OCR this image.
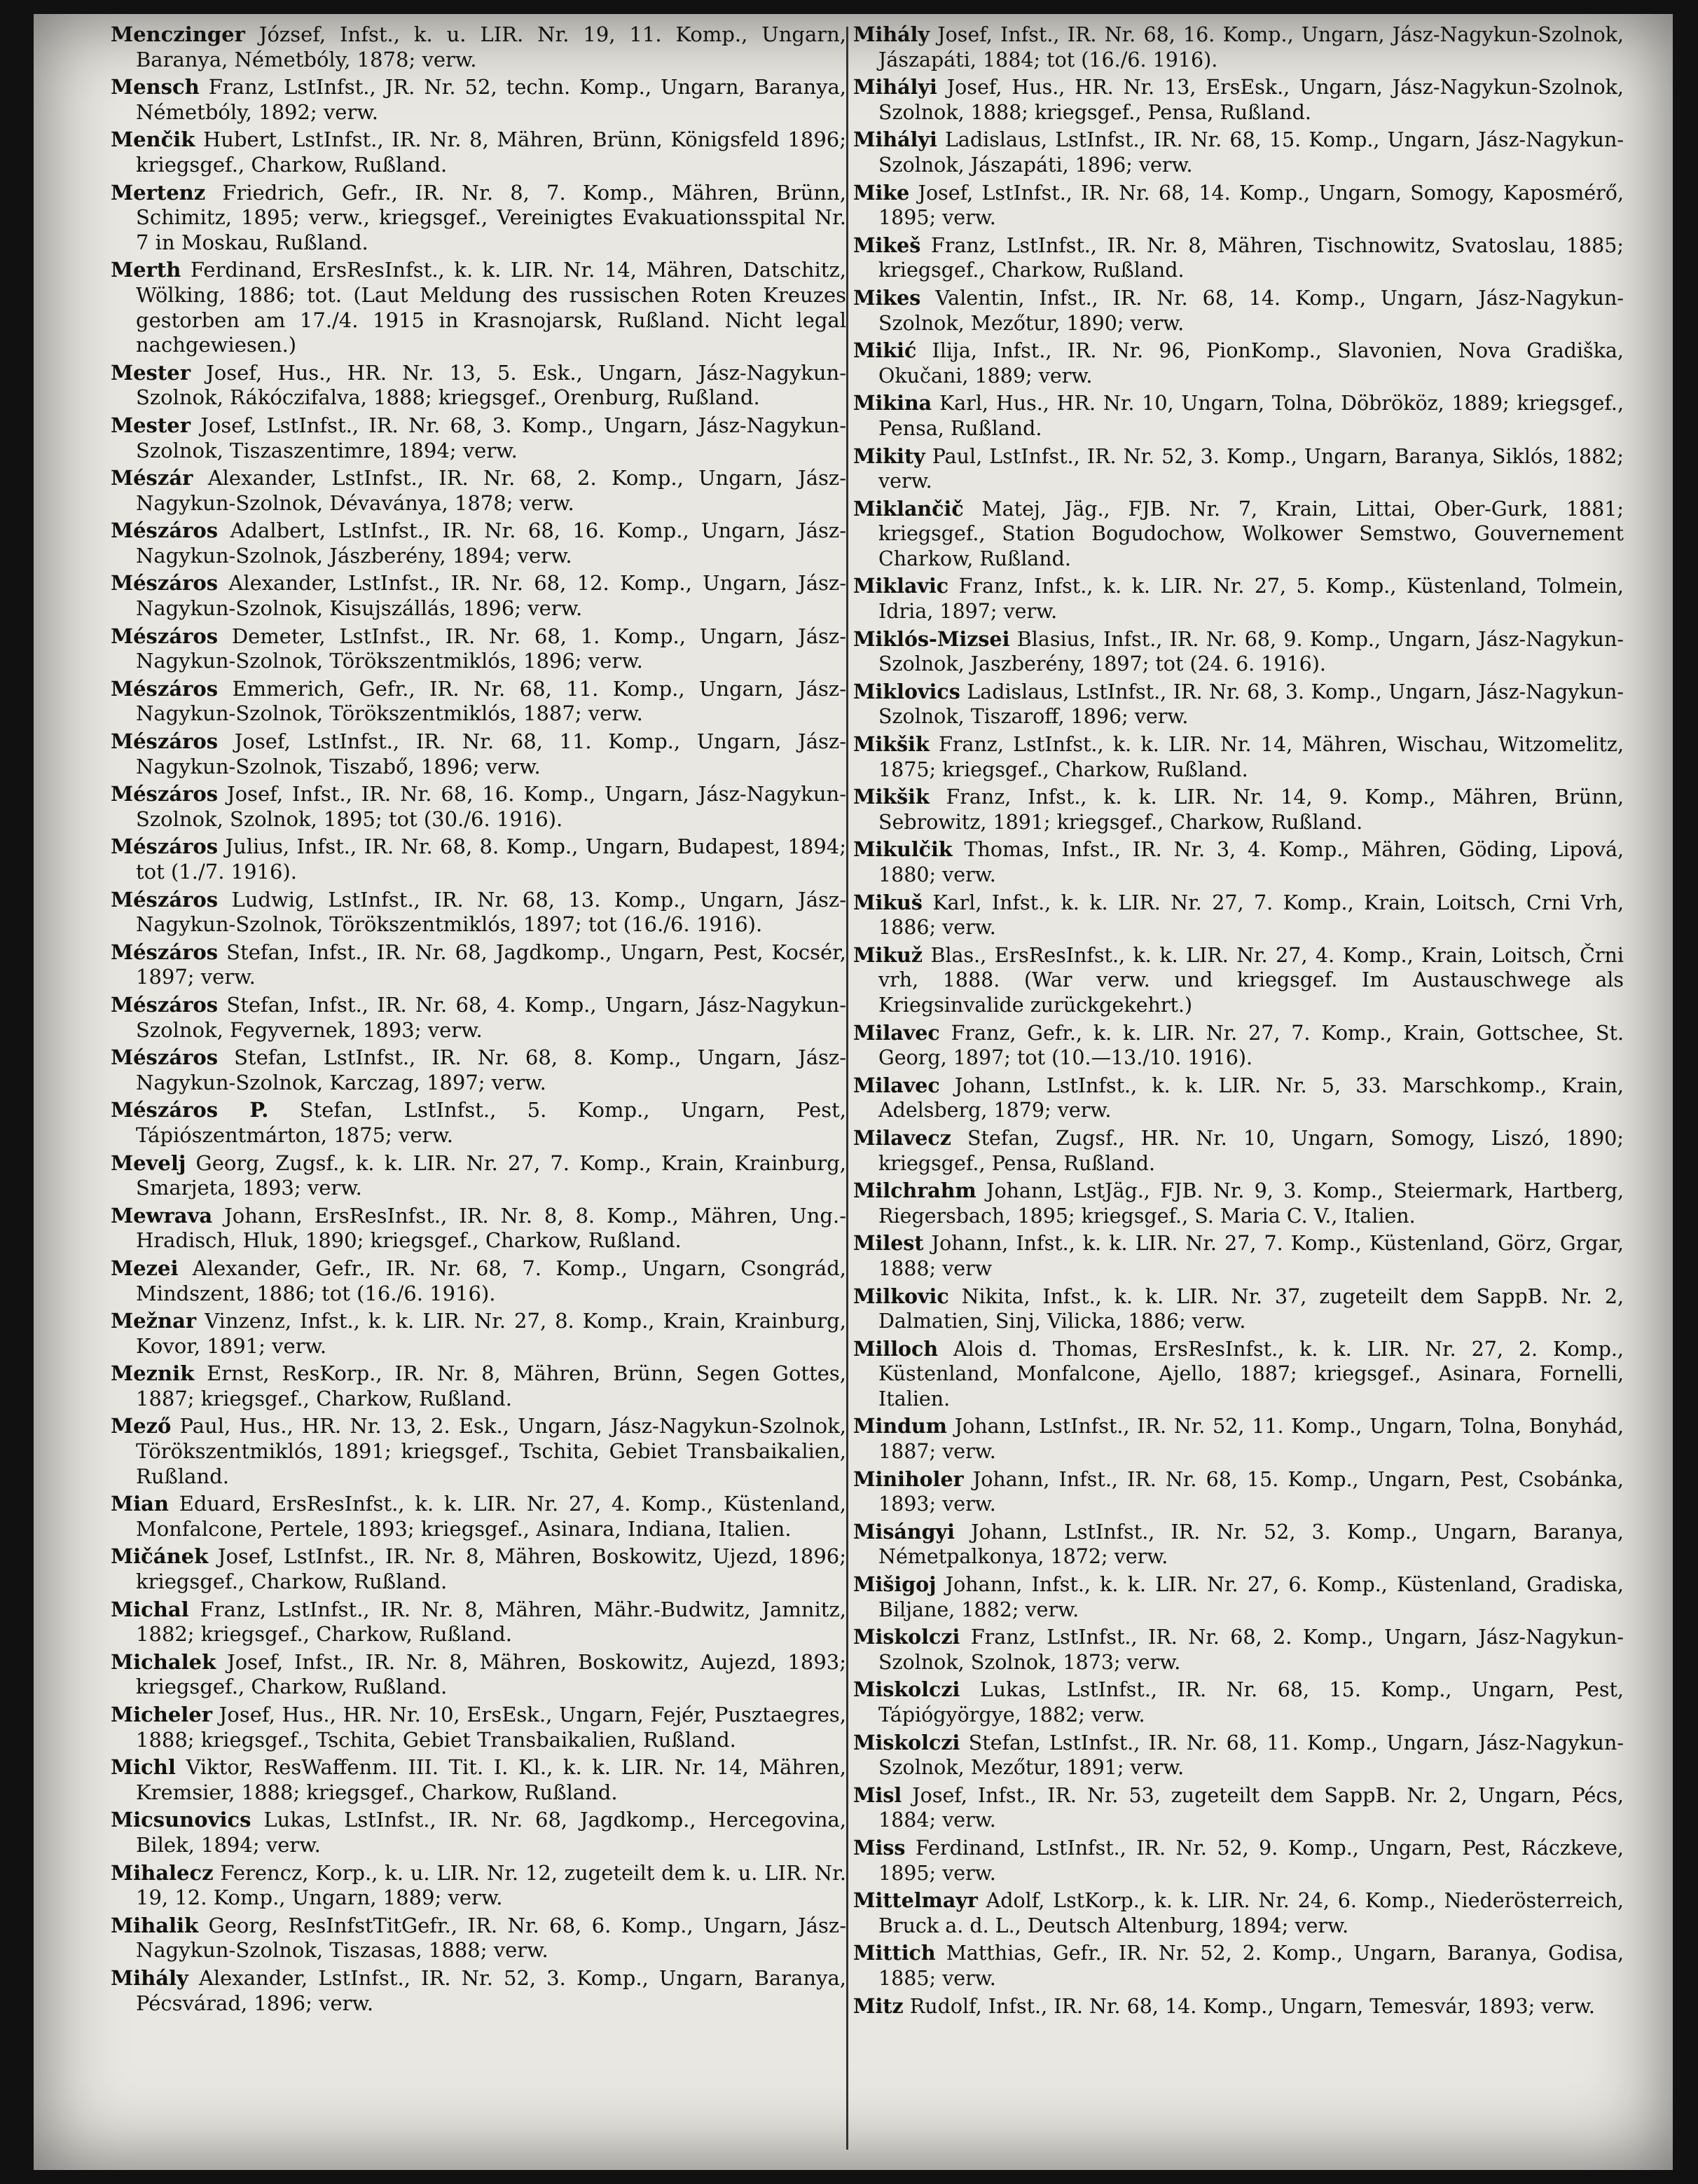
Menczinger József, Infst., k. u. LIR. Nr. 19, 11. Komp., Ungarn, Baranya, Németbóly, 1878; verw.

Mensch Franz, LstInfst., JR. Nr. 52, techn. Komp., Ungarn, Baranya, Németbóly, 1892; verw.

Menčik Hubert, LstInfst., IR. Nr. 8, Mähren, Brünn, Königsfeld 1896; kriegsgef., Charkow, Rußland.

Mertenz Friedrich, Gefr., IR. Nr. 8, 7. Komp., Mähren, Brünn, Schimitz, 1895; verw., kriegsgef., Vereinigtes Evakuationsspital Nr. 7 in Moskau, Rußland.

Merth Ferdinand, ErsResInfst., k. k. LIR. Nr. 14, Mähren, Datschitz, Wölking, 1886; tot. (Laut Meldung des russischen Roten Kreuzes gestorben am 17./4. 1915 in Krasnojarsk, Rußland. Nicht legal nachgewiesen.)

Mester Josef, Hus., HR. Nr. 13, 5. Esk., Ungarn, Jász-Nagykun-Szolnok, Rákóczifalva, 1888; kriegsgef., Orenburg, Rußland.

Mester Josef, LstInfst., IR. Nr. 68, 3. Komp., Ungarn, Jász-Nagykun-Szolnok, Tiszaszentimre, 1894; verw.

Mészár Alexander, LstInfst., IR. Nr. 68, 2. Komp., Ungarn, Jász-Nagykun-Szolnok, Dévaványa, 1878; verw.

Mészáros Adalbert, LstInfst., IR. Nr. 68, 16. Komp., Ungarn, Jász-Nagykun-Szolnok, Jászberény, 1894; verw.

Mészáros Alexander, LstInfst., IR. Nr. 68, 12. Komp., Ungarn, Jász-Nagykun-Szolnok, Kisujszállás, 1896; verw.

Mészáros Demeter, LstInfst., IR. Nr. 68, 1. Komp., Ungarn, Jász-Nagykun-Szolnok, Törökszentmiklós, 1896; verw.

Mészáros Emmerich, Gefr., IR. Nr. 68, 11. Komp., Ungarn, Jász-Nagykun-Szolnok, Törökszentmiklós, 1887; verw.

Mészáros Josef, LstInfst., IR. Nr. 68, 11. Komp., Ungarn, Jász-Nagykun-Szolnok, Tiszabő, 1896; verw.

Mészáros Josef, Infst., IR. Nr. 68, 16. Komp., Ungarn, Jász-Nagykun-Szolnok, Szolnok, 1895; tot (30./6. 1916).

Mészáros Julius, Infst., IR. Nr. 68, 8. Komp., Ungarn, Budapest, 1894; tot (1./7. 1916).

Mészáros Ludwig, LstInfst., IR. Nr. 68, 13. Komp., Ungarn, Jász-Nagykun-Szolnok, Törökszentmiklós, 1897; tot (16./6. 1916).

Mészáros Stefan, Infst., IR. Nr. 68, Jagdkomp., Ungarn, Pest, Kocsér, 1897; verw.

Mészáros Stefan, Infst., IR. Nr. 68, 4. Komp., Ungarn, Jász-Nagykun-Szolnok, Fegyvernek, 1893; verw.

Mészáros Stefan, LstInfst., IR. Nr. 68, 8. Komp., Ungarn, Jász-Nagykun-Szolnok, Karczag, 1897; verw.

Mészáros P. Stefan, LstInfst., 5. Komp., Ungarn, Pest, Tápiószentmárton, 1875; verw.

Mevelj Georg, Zugsf., k. k. LIR. Nr. 27, 7. Komp., Krain, Krainburg, Smarjeta, 1893; verw.

Mewrava Johann, ErsResInfst., IR. Nr. 8, 8. Komp., Mähren, Ung.-Hradisch, Hluk, 1890; kriegsgef., Charkow, Rußland.

Mezei Alexander, Gefr., IR. Nr. 68, 7. Komp., Ungarn, Csongrád, Mindszent, 1886; tot (16./6. 1916).

Mežnar Vinzenz, Infst., k. k. LIR. Nr. 27, 8. Komp., Krain, Krainburg, Kovor, 1891; verw.

Meznik Ernst, ResKorp., IR. Nr. 8, Mähren, Brünn, Segen Gottes, 1887; kriegsgef., Charkow, Rußland.

Mező Paul, Hus., HR. Nr. 13, 2. Esk., Ungarn, Jász-Nagykun-Szolnok, Törökszentmiklós, 1891; kriegsgef., Tschita, Gebiet Transbaikalien, Rußland.

Mian Eduard, ErsResInfst., k. k. LIR. Nr. 27, 4. Komp., Küstenland, Monfalcone, Pertele, 1893; kriegsgef., Asinara, Indiana, Italien.

Mičánek Josef, LstInfst., IR. Nr. 8, Mähren, Boskowitz, Ujezd, 1896; kriegsgef., Charkow, Rußland.

Michal Franz, LstInfst., IR. Nr. 8, Mähren, Mähr.-Budwitz, Jamnitz, 1882; kriegsgef., Charkow, Rußland.

Michalek Josef, Infst., IR. Nr. 8, Mähren, Boskowitz, Aujezd, 1893; kriegsgef., Charkow, Rußland.

Micheler Josef, Hus., HR. Nr. 10, ErsEsk., Ungarn, Fejér, Pusztaegres, 1888; kriegsgef., Tschita, Gebiet Transbaikalien, Rußland.

Michl Viktor, ResWaffenm. III. Tit. I. Kl., k. k. LIR. Nr. 14, Mähren, Kremsier, 1888; kriegsgef., Charkow, Rußland.

Micsunovics Lukas, LstInfst., IR. Nr. 68, Jagdkomp., Hercegovina, Bilek, 1894; verw.

Mihalecz Ferencz, Korp., k. u. LIR. Nr. 12, zugeteilt dem k. u. LIR. Nr. 19, 12. Komp., Ungarn, 1889; verw.

Mihalik Georg, ResInfstTitGefr., IR. Nr. 68, 6. Komp., Ungarn, Jász-Nagykun-Szolnok, Tiszasas, 1888; verw.

Mihály Alexander, LstInfst., IR. Nr. 52, 3. Komp., Ungarn, Baranya, Pécsvárad, 1896; verw.

Mihály Josef, Infst., IR. Nr. 68, 16. Komp., Ungarn, Jász-Nagykun-Szolnok, Jászapáti, 1884; tot (16./6. 1916).

Mihályi Josef, Hus., HR. Nr. 13, ErsEsk., Ungarn, Jász-Nagykun-Szolnok, Szolnok, 1888; kriegsgef., Pensa, Rußland.

Mihályi Ladislaus, LstInfst., IR. Nr. 68, 15. Komp., Ungarn, Jász-Nagykun-Szolnok, Jászapáti, 1896; verw.

Mike Josef, LstInfst., IR. Nr. 68, 14. Komp., Ungarn, Somogy, Kaposmérő, 1895; verw.

Mikeš Franz, LstInfst., IR. Nr. 8, Mähren, Tischnowitz, Svatoslau, 1885; kriegsgef., Charkow, Rußland.

Mikes Valentin, Infst., IR. Nr. 68, 14. Komp., Ungarn, Jász-Nagykun-Szolnok, Mezőtur, 1890; verw.

Mikić Ilija, Infst., IR. Nr. 96, PionKomp., Slavonien, Nova Gradiška, Okučani, 1889; verw.

Mikina Karl, Hus., HR. Nr. 10, Ungarn, Tolna, Döbrököz, 1889; kriegsgef., Pensa, Rußland.

Mikity Paul, LstInfst., IR. Nr. 52, 3. Komp., Ungarn, Baranya, Siklós, 1882; verw.

Miklančič Matej, Jäg., FJB. Nr. 7, Krain, Littai, Ober-Gurk, 1881; kriegsgef., Station Bogudochow, Wolkower Semstwo, Gouvernement Charkow, Rußland.

Miklavic Franz, Infst., k. k. LIR. Nr. 27, 5. Komp., Küstenland, Tolmein, Idria, 1897; verw.

Miklós-Mizsei Blasius, Infst., IR. Nr. 68, 9. Komp., Ungarn, Jász-Nagykun-Szolnok, Jaszberény, 1897; tot (24. 6. 1916).

Miklovics Ladislaus, LstInfst., IR. Nr. 68, 3. Komp., Ungarn, Jász-Nagykun-Szolnok, Tiszaroff, 1896; verw.

Mikšik Franz, LstInfst., k. k. LIR. Nr. 14, Mähren, Wischau, Witzomelitz, 1875; kriegsgef., Charkow, Rußland.

Mikšik Franz, Infst., k. k. LIR. Nr. 14, 9. Komp., Mähren, Brünn, Sebrowitz, 1891; kriegsgef., Charkow, Rußland.

Mikulčik Thomas, Infst., IR. Nr. 3, 4. Komp., Mähren, Göding, Lipová, 1880; verw.

Mikuš Karl, Infst., k. k. LIR. Nr. 27, 7. Komp., Krain, Loitsch, Crni Vrh, 1886; verw.

Mikuž Blas., ErsResInfst., k. k. LIR. Nr. 27, 4. Komp., Krain, Loitsch, Črni vrh, 1888. (War verw. und kriegsgef. Im Austauschwege als Kriegsinvalide zurückgekehrt.)

Milavec Franz, Gefr., k. k. LIR. Nr. 27, 7. Komp., Krain, Gottschee, St. Georg, 1897; tot (10.—13./10. 1916).

Milavec Johann, LstInfst., k. k. LIR. Nr. 5, 33. Marschkomp., Krain, Adelsberg, 1879; verw.

Milavecz Stefan, Zugsf., HR. Nr. 10, Ungarn, Somogy, Liszó, 1890; kriegsgef., Pensa, Rußland.

Milchrahm Johann, LstJäg., FJB. Nr. 9, 3. Komp., Steiermark, Hartberg, Riegersbach, 1895; kriegsgef., S. Maria C. V., Italien.

Milest Johann, Infst., k. k. LIR. Nr. 27, 7. Komp., Küstenland, Görz, Grgar, 1888; verw

Milkovic Nikita, Infst., k. k. LIR. Nr. 37, zugeteilt dem SappB. Nr. 2, Dalmatien, Sinj, Vilicka, 1886; verw.

Milloch Alois d. Thomas, ErsResInfst., k. k. LIR. Nr. 27, 2. Komp., Küstenland, Monfalcone, Ajello, 1887; kriegsgef., Asinara, Fornelli, Italien.

Mindum Johann, LstInfst., IR. Nr. 52, 11. Komp., Ungarn, Tolna, Bonyhád, 1887; verw.

Miniholer Johann, Infst., IR. Nr. 68, 15. Komp., Ungarn, Pest, Csobánka, 1893; verw.

Misángyi Johann, LstInfst., IR. Nr. 52, 3. Komp., Ungarn, Baranya, Németpalkonya, 1872; verw.

Mišigoj Johann, Infst., k. k. LIR. Nr. 27, 6. Komp., Küstenland, Gradiska, Biljane, 1882; verw.

Miskolczi Franz, LstInfst., IR. Nr. 68, 2. Komp., Ungarn, Jász-Nagykun-Szolnok, Szolnok, 1873; verw.

Miskolczi Lukas, LstInfst., IR. Nr. 68, 15. Komp., Ungarn, Pest, Tápiógyörgye, 1882; verw.

Miskolczi Stefan, LstInfst., IR. Nr. 68, 11. Komp., Ungarn, Jász-Nagykun-Szolnok, Mezőtur, 1891; verw.

Misl Josef, Infst., IR. Nr. 53, zugeteilt dem SappB. Nr. 2, Ungarn, Pécs, 1884; verw.

Miss Ferdinand, LstInfst., IR. Nr. 52, 9. Komp., Ungarn, Pest, Ráczkeve, 1895; verw.

Mittelmayr Adolf, LstKorp., k. k. LIR. Nr. 24, 6. Komp., Niederösterreich, Bruck a. d. L., Deutsch Altenburg, 1894; verw.

Mittich Matthias, Gefr., IR. Nr. 52, 2. Komp., Ungarn, Baranya, Godisa, 1885; verw.

Mitz Rudolf, Infst., IR. Nr. 68, 14. Komp., Ungarn, Temesvár, 1893; verw.
